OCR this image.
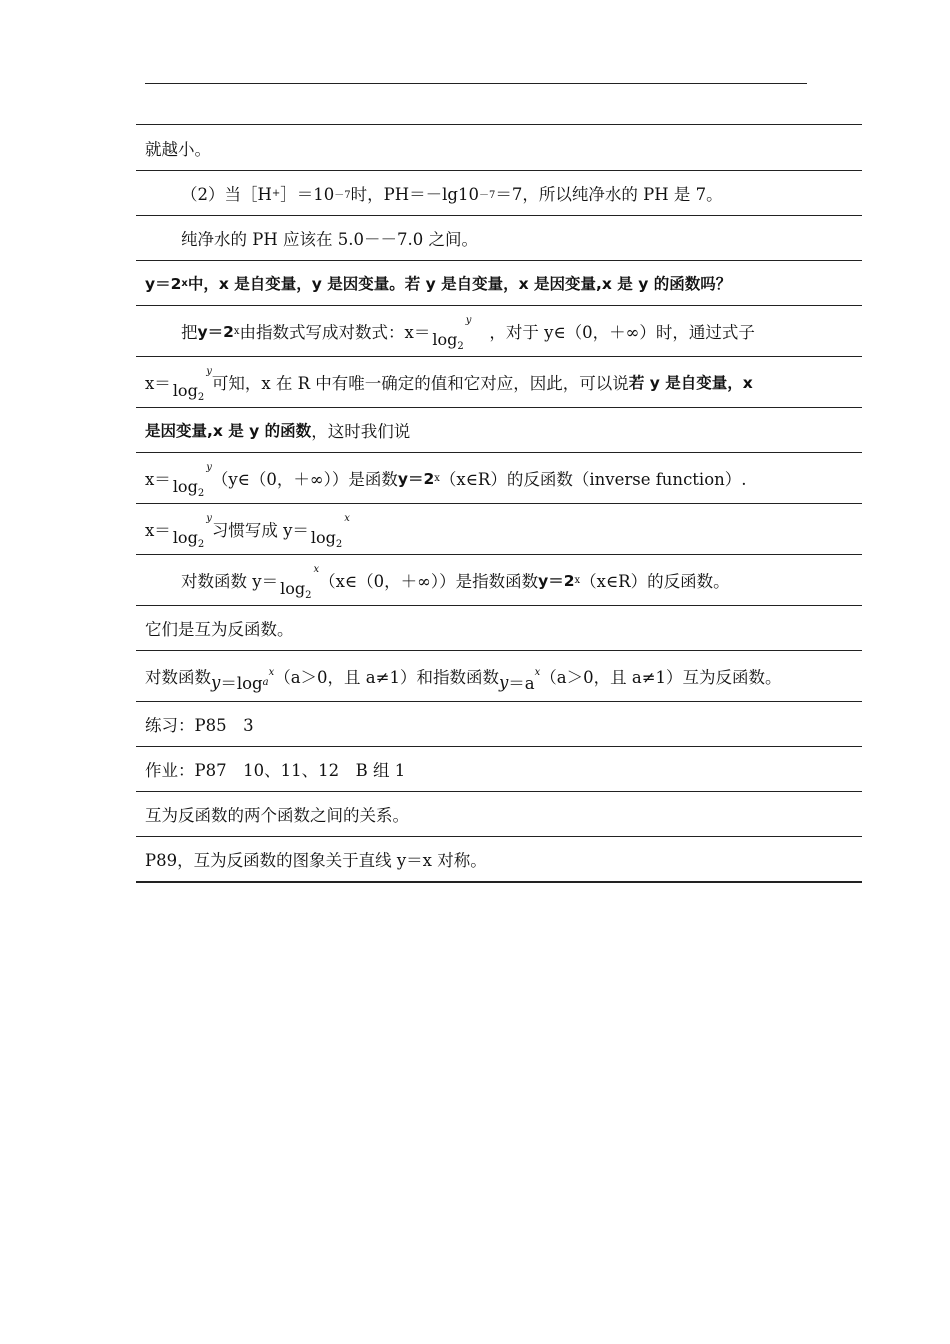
就越小。
（2）当［H + ］＝10 －7 时，PH＝－lg10 －7 ＝7，所以纯净水的 PH 是 7。
纯净水的 PH 应该在 5.0－－7.0 之间。
y＝2 x 中，x 是自变量，y 是因变量。若 y 是自变量，x 是因变量,x 是 y 的函数吗？
把 y＝2 x 由指数式写成对数式：$x= \log_2^y$
，对于 y∈（0，＋∞）时，通过式子
$x= \log_2^y$
可知，x 在 R 中有唯一确定的值和它对应，因此，可以说 若 y 是自变量，x
是因变量,x 是 y 的函数 ，这时我们说
$x= \log_2^y$
（y∈（0，＋∞））是函数 y＝2 x （x∈R）的反函数（inverse function）.
$x= \log_2^y$
习惯写成 $y= \log_2^x$
对数函数 $y= \log_2^x$
（x∈（0，＋∞））是指数函数 y＝2 x （x∈R）的反函数。
它们是互为反函数。
对数函数 $y =\log_a$
$^x$ （a＞0，且 a≠1）和指数函数 y ＝a
$^x$ （a＞0，且 a≠1）互为反函数。
练习：P85　3
作业：P87　10、11、12　B 组 1
互为反函数的两个函数之间的关系。
P89，互为反函数的图象关于直线 y＝x 对称。
